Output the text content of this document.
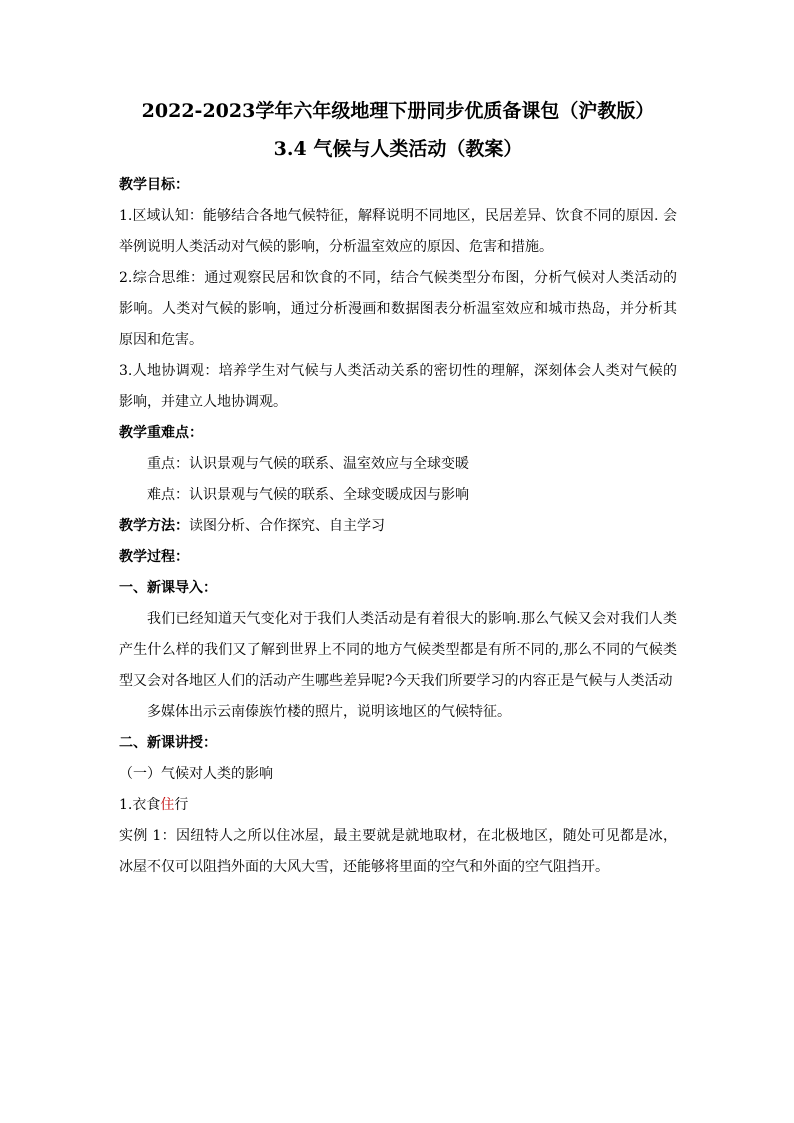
2022-2023学年六年级地理下册同步优质备课包（沪教版）

3.4 气候与人类活动（教案）

教学目标：

1.区域认知：能够结合各地气候特征，解释说明不同地区，民居差异、饮食不同的原因. 会举例说明人类活动对气候的影响，分析温室效应的原因、危害和措施。

2.综合思维：通过观察民居和饮食的不同，结合气候类型分布图，分析气候对人类活动的影响。人类对气候的影响，通过分析漫画和数据图表分析温室效应和城市热岛，并分析其原因和危害。

3.人地协调观：培养学生对气候与人类活动关系的密切性的理解，深刻体会人类对气候的影响，并建立人地协调观。

教学重难点：

重点：认识景观与气候的联系、温室效应与全球变暖

难点：认识景观与气候的联系、全球变暖成因与影响

教学方法：读图分析、合作探究、自主学习

教学过程：

一、新课导入：

我们已经知道天气变化对于我们人类活动是有着很大的影响.那么气候又会对我们人类产生什么样的我们又了解到世界上不同的地方气候类型都是有所不同的,那么不同的气候类型又会对各地区人们的活动产生哪些差异呢?今天我们所要学习的内容正是气候与人类活动

多媒体出示云南傣族竹楼的照片，说明该地区的气候特征。

二、新课讲授：

（一）气候对人类的影响

1.衣食住行

实例 1：因纽特人之所以住冰屋，最主要就是就地取材，在北极地区，随处可见都是冰，冰屋不仅可以阻挡外面的大风大雪，还能够将里面的空气和外面的空气阻挡开。
